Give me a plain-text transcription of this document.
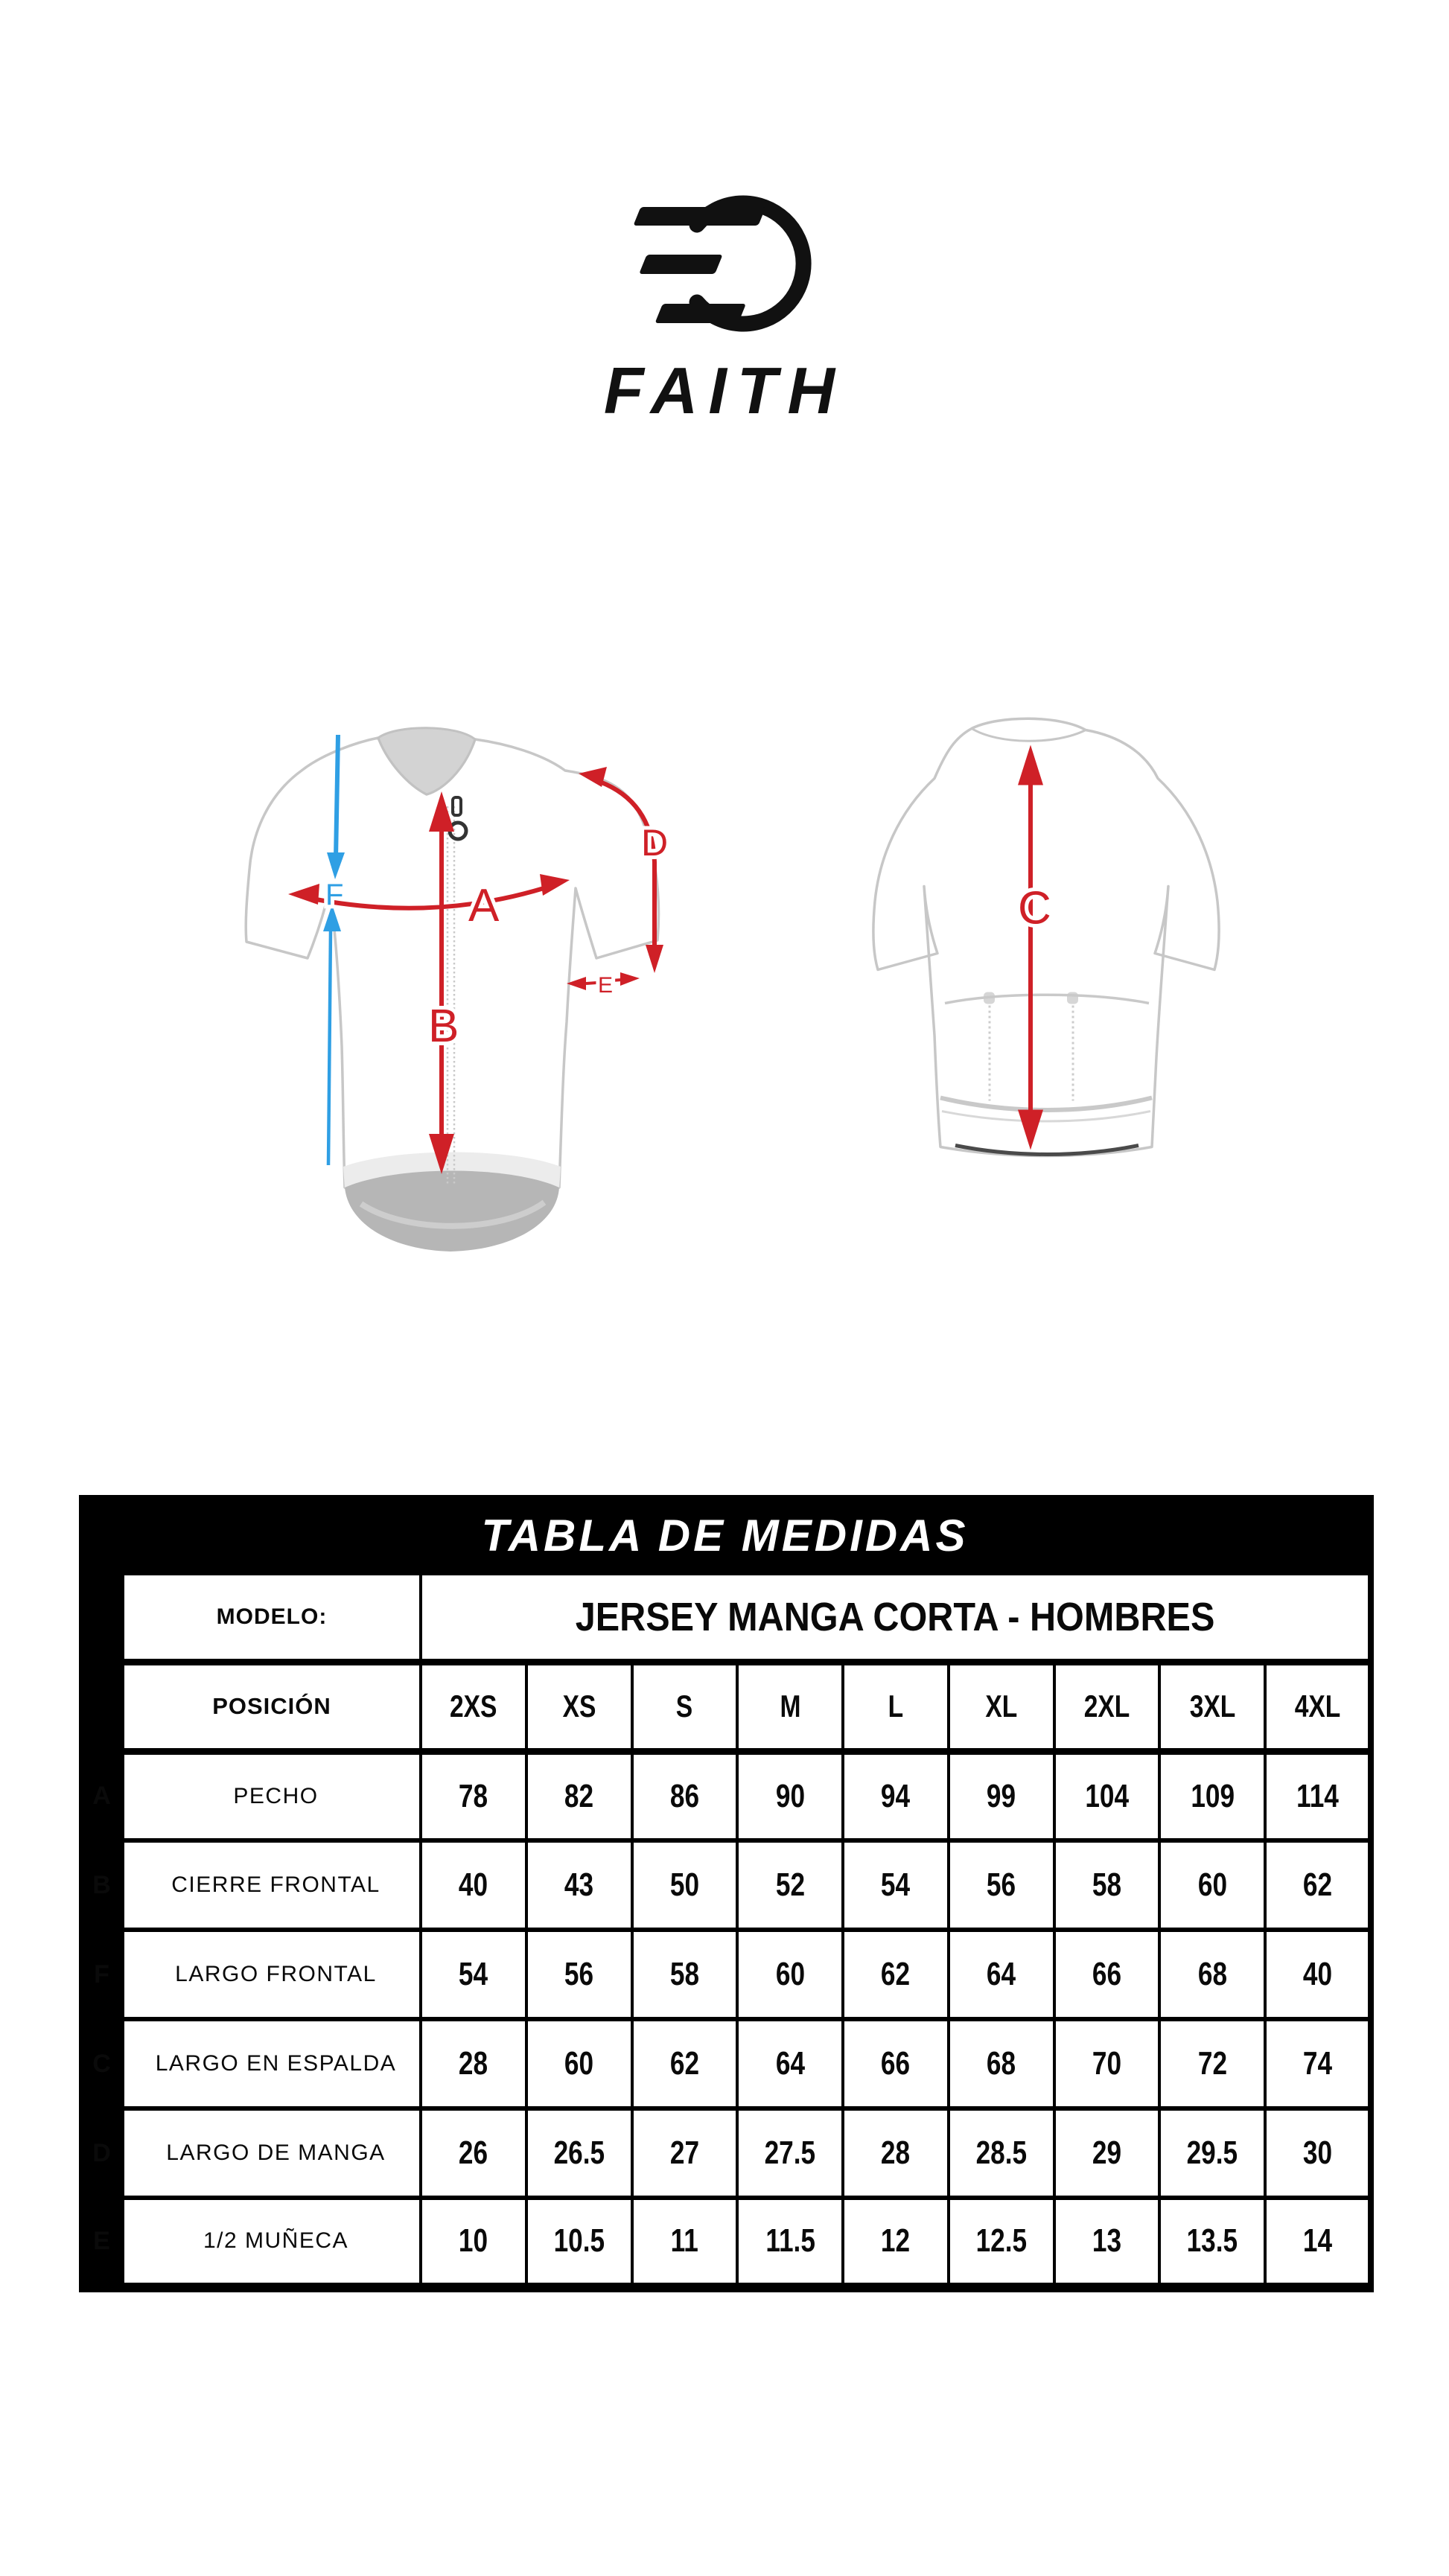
FAITH
B
A
F
D
E
C
TABLA DE MEDIDAS										
	MODELO:	JERSEY MANGA CORTA - HOMBRES								
	POSICIÓN	2XS	XS	S	M	L	XL	2XL	3XL	4XL
A	PECHO	78	82	86	90	94	99	104	109	114
B	CIERRE FRONTAL	40	43	50	52	54	56	58	60	62
F	LARGO FRONTAL	54	56	58	60	62	64	66	68	40
C	LARGO EN ESPALDA	28	60	62	64	66	68	70	72	74
D	LARGO DE MANGA	26	26.5	27	27.5	28	28.5	29	29.5	30
E	1/2 MUÑECA	10	10.5	11	11.5	12	12.5	13	13.5	14
